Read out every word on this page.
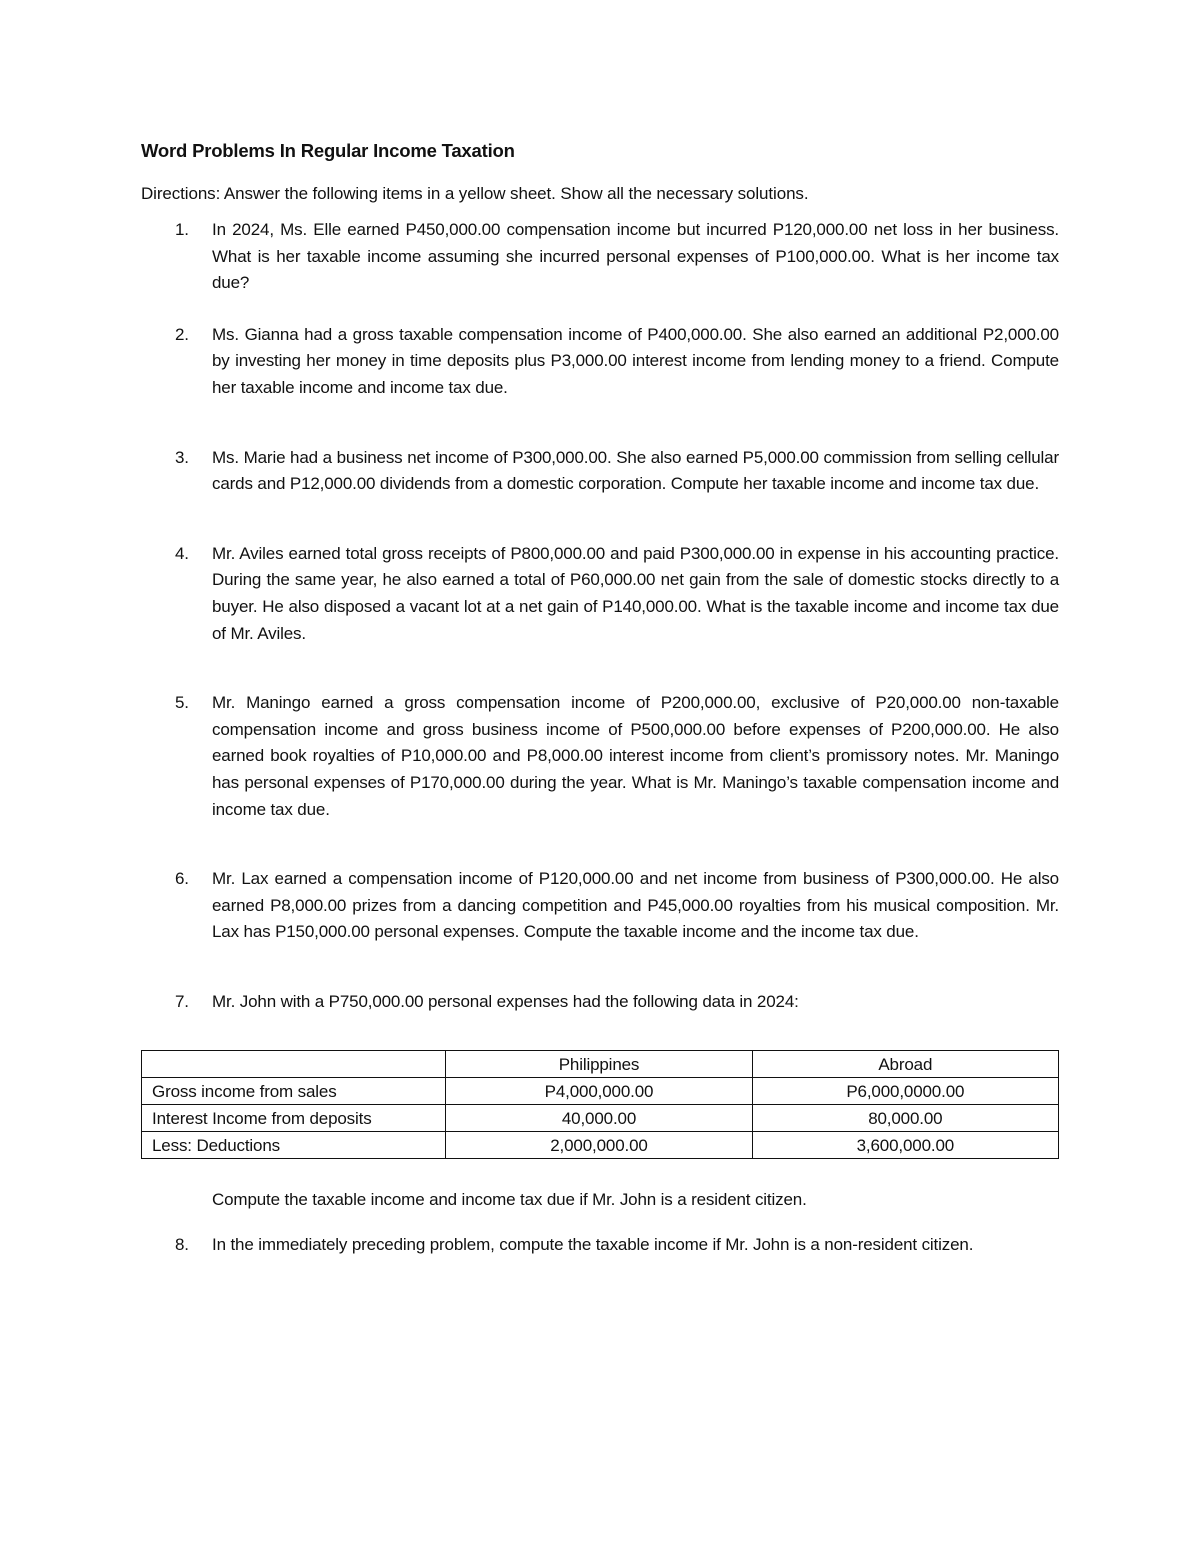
Word Problems In Regular Income Taxation
Directions: Answer the following items in a yellow sheet. Show all the necessary solutions.
1. In 2024, Ms. Elle earned P450,000.00 compensation income but incurred P120,000.00 net loss in her business. What is her taxable income assuming she incurred personal expenses of P100,000.00. What is her income tax due?
2. Ms. Gianna had a gross taxable compensation income of P400,000.00. She also earned an additional P2,000.00 by investing her money in time deposits plus P3,000.00 interest income from lending money to a friend. Compute her taxable income and income tax due.
3. Ms. Marie had a business net income of P300,000.00. She also earned P5,000.00 commission from selling cellular cards and P12,000.00 dividends from a domestic corporation. Compute her taxable income and income tax due.
4. Mr. Aviles earned total gross receipts of P800,000.00 and paid P300,000.00 in expense in his accounting practice. During the same year, he also earned a total of P60,000.00 net gain from the sale of domestic stocks directly to a buyer. He also disposed a vacant lot at a net gain of P140,000.00. What is the taxable income and income tax due of Mr. Aviles.
5. Mr. Maningo earned a gross compensation income of P200,000.00, exclusive of P20,000.00 non-taxable compensation income and gross business income of P500,000.00 before expenses of P200,000.00. He also earned book royalties of P10,000.00 and P8,000.00 interest income from client’s promissory notes. Mr. Maningo has personal expenses of P170,000.00 during the year. What is Mr. Maningo’s taxable compensation income and income tax due.
6. Mr. Lax earned a compensation income of P120,000.00 and net income from business of P300,000.00. He also earned P8,000.00 prizes from a dancing competition and P45,000.00 royalties from his musical composition. Mr. Lax has P150,000.00 personal expenses. Compute the taxable income and the income tax due.
7. Mr. John with a P750,000.00 personal expenses had the following data in 2024:
	Philippines	Abroad
Gross income from sales	P4,000,000.00	P6,000,0000.00
Interest Income from deposits	40,000.00	80,000.00
Less: Deductions	2,000,000.00	3,600,000.00
Compute the taxable income and income tax due if Mr. John is a resident citizen.
8. In the immediately preceding problem, compute the taxable income if Mr. John is a non-resident citizen.
